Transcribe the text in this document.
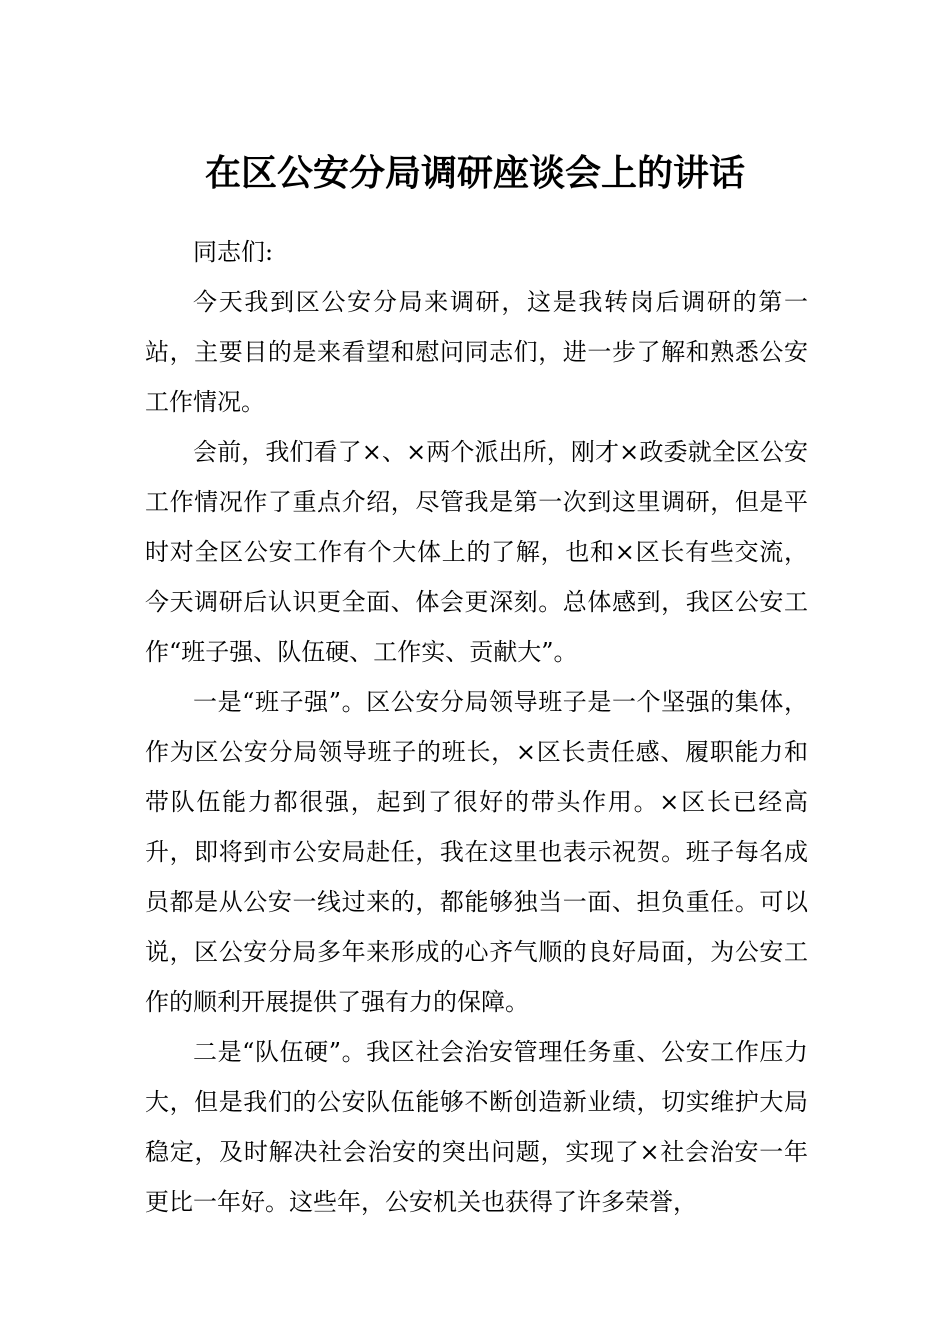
在区公安分局调研座谈会上的讲话

同志们:

今天我到区公安分局来调研，这是我转岗后调研的第一站，主要目的是来看望和慰问同志们，进一步了解和熟悉公安工作情况。

会前，我们看了×、×两个派出所，刚才×政委就全区公安工作情况作了重点介绍，尽管我是第一次到这里调研，但是平时对全区公安工作有个大体上的了解，也和×区长有些交流，今天调研后认识更全面、体会更深刻。总体感到，我区公安工作“班子强、队伍硬、工作实、贡献大”。

一是“班子强”。区公安分局领导班子是一个坚强的集体，作为区公安分局领导班子的班长，×区长责任感、履职能力和带队伍能力都很强，起到了很好的带头作用。×区长已经高升，即将到市公安局赴任，我在这里也表示祝贺。班子每名成员都是从公安一线过来的，都能够独当一面、担负重任。可以说，区公安分局多年来形成的心齐气顺的良好局面，为公安工作的顺利开展提供了强有力的保障。

二是“队伍硬”。我区社会治安管理任务重、公安工作压力大，但是我们的公安队伍能够不断创造新业绩，切实维护大局稳定，及时解决社会治安的突出问题，实现了×社会治安一年更比一年好。这些年，公安机关也获得了许多荣誉，
